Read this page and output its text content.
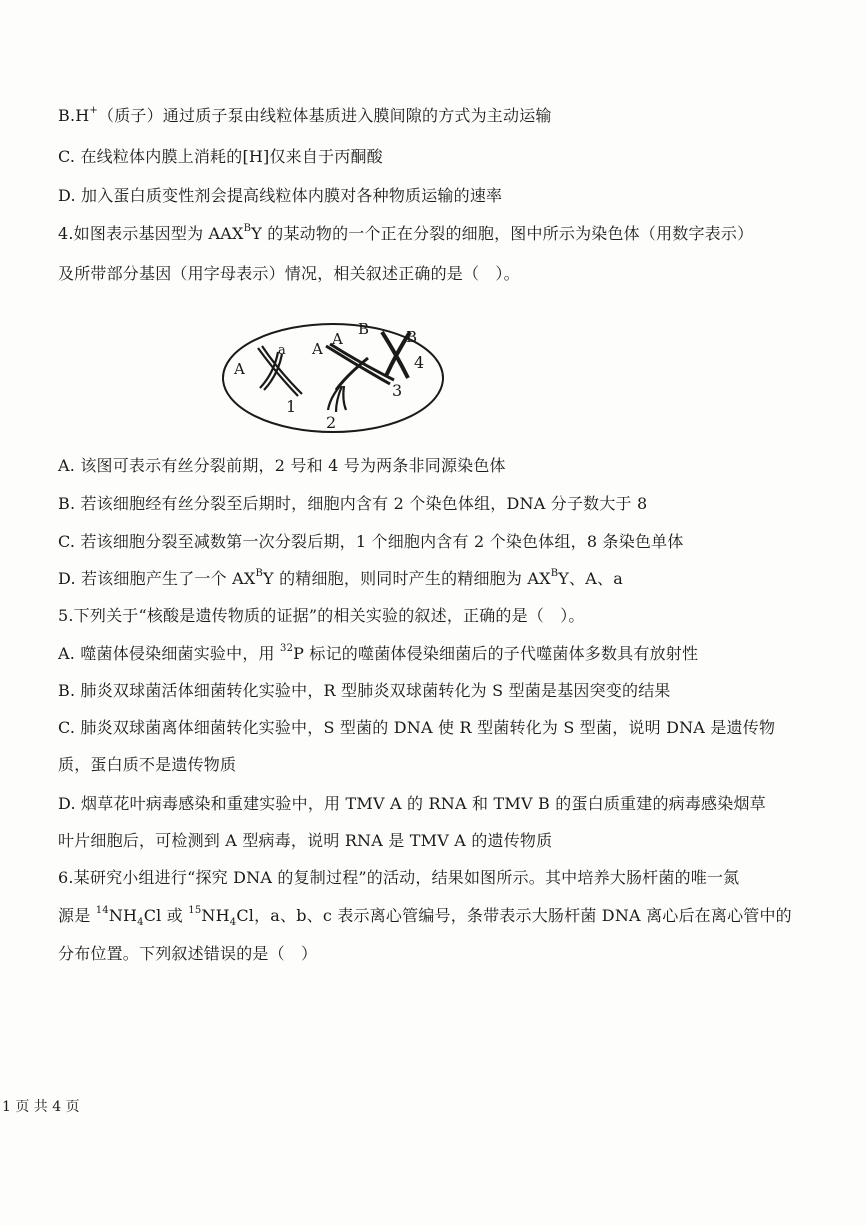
B.H+（质子）通过质子泵由线粒体基质进入膜间隙的方式为主动运输
C. 在线粒体内膜上消耗的[H]仅来自于丙酮酸
D. 加入蛋白质变性剂会提高线粒体内膜对各种物质运输的速率
4.如图表示基因型为 $AAX^BY$ 的某动物的一个正在分裂的细胞，图中所示为染色体（用数字表示）
及所带部分基因（用字母表示）情况，相关叙述正确的是（　）。
A
a A
A
B B
1
2
3
4
A. 该图可表示有丝分裂前期，2 号和 4 号为两条非同源染色体
B. 若该细胞经有丝分裂至后期时，细胞内含有 2 个染色体组，DNA 分子数大于 8
C. 若该细胞分裂至减数第一次分裂后期，1 个细胞内含有 2 个染色体组，8 条染色单体
D. 若该细胞产生了一个 $AX^BY$ 的精细胞，则同时产生的精细胞为 $AX^BY$、A、a
5.下列关于“核酸是遗传物质的证据”的相关实验的叙述，正确的是（　）。
A. 噬菌体侵染细菌实验中，用 $^{32}$P 标记的噬菌体侵染细菌后的子代噬菌体多数具有放射性
B. 肺炎双球菌活体细菌转化实验中，R 型肺炎双球菌转化为 S 型菌是基因突变的结果
C. 肺炎双球菌离体细菌转化实验中，S 型菌的 DNA 使 R 型菌转化为 S 型菌，说明 DNA 是遗传物
质，蛋白质不是遗传物质
D. 烟草花叶病毒感染和重建实验中，用 TMV A 的 RNA 和 TMV B 的蛋白质重建的病毒感染烟草
叶片细胞后，可检测到 A 型病毒，说明 RNA 是 TMV A 的遗传物质
6.某研究小组进行“探究 DNA 的复制过程”的活动，结果如图所示。其中培养大肠杆菌的唯一氮
源是 $^{14}NH_4Cl$ 或 $^{15}NH_4Cl$，a、b、c 表示离心管编号，条带表示大肠杆菌 DNA 离心后在离心管中的
分布位置。下列叙述错误的是（　）
1 页 共 4 页
